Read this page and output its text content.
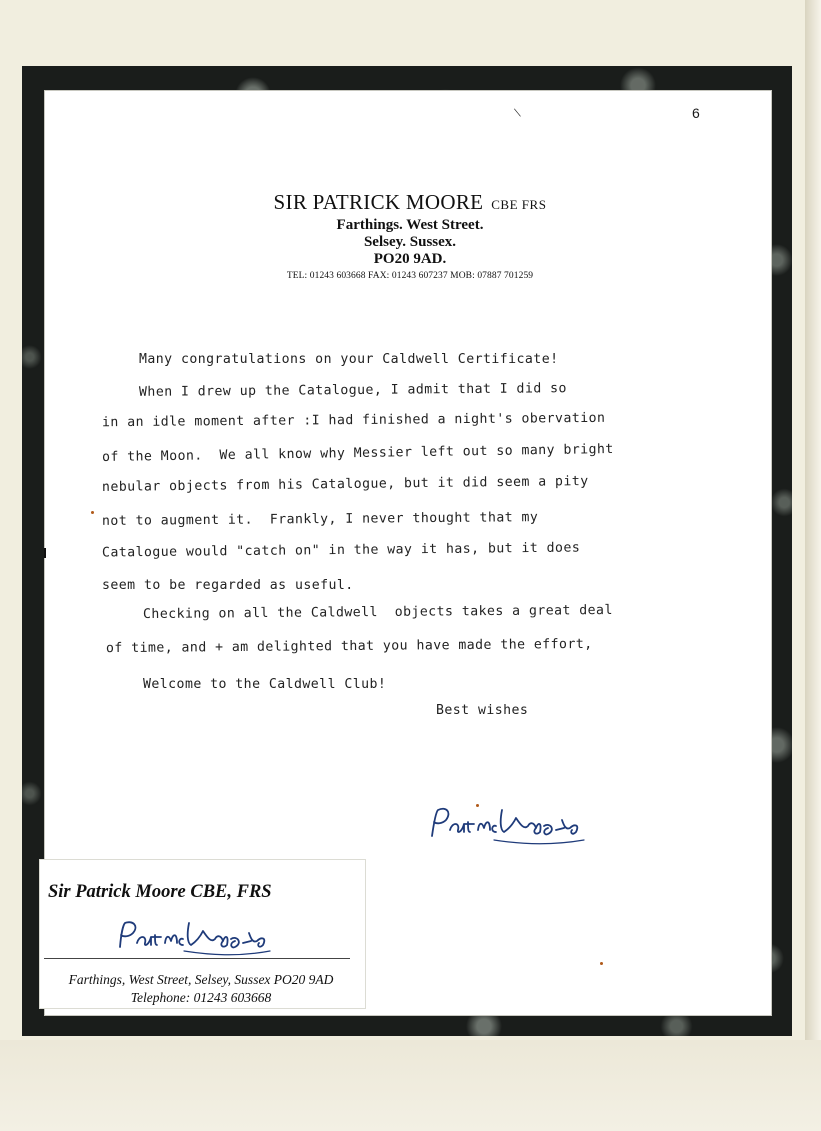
\	6
SIR PATRICK MOORE CBE FRS
Farthings. West Street.
Selsey. Sussex.
PO20 9AD.
TEL: 01243 603668 FAX: 01243 607237 MOB: 07887 701259
Many congratulations on your Caldwell Certificate!
When I drew up the Catalogue, I admit that I did so
in an idle moment after :I had finished a night's obervation
of the Moon.  We all know why Messier left out so many bright
nebular objects from his Catalogue, but it did seem a pity
not to augment it.  Frankly, I never thought that my
Catalogue would "catch on" in the way it has, but it does
seem to be regarded as useful.
Checking on all the Caldwell  objects takes a great deal
of time, and + am delighted that you have made the effort,
Welcome to the Caldwell Club!
Best wishes
Sir Patrick Moore CBE, FRS
Farthings, West Street, Selsey, Sussex PO20 9AD
Telephone: 01243 603668
